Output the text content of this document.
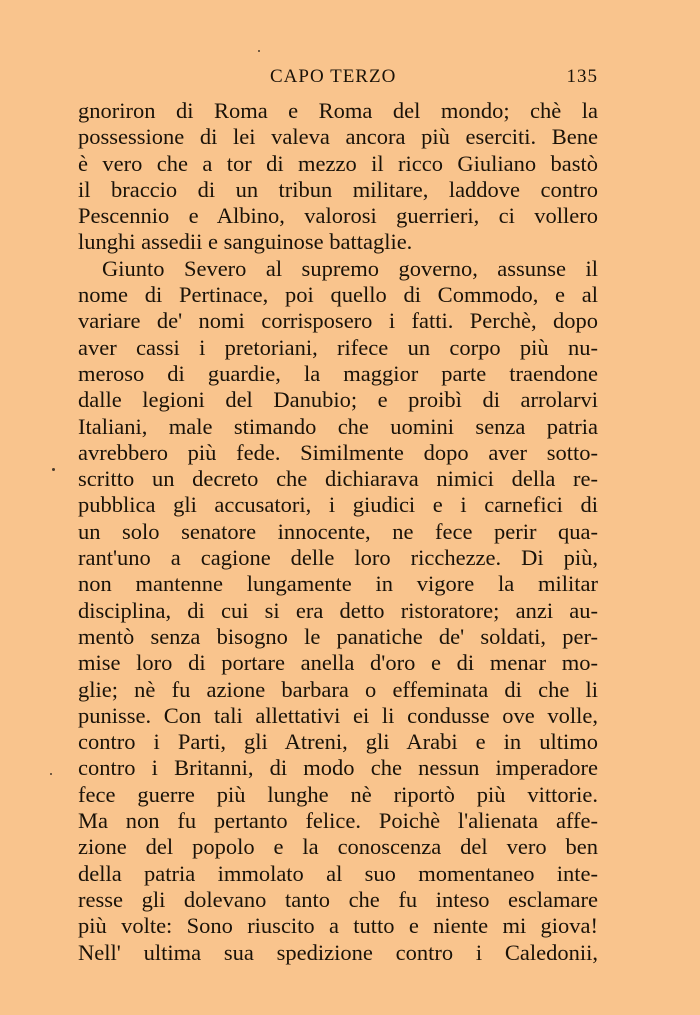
CAPO TERZO	135
gnoriron di Roma e Roma del mondo; chè la
possessione di lei valeva ancora più eserciti. Bene
è vero che a tor di mezzo il ricco Giuliano bastò
il braccio di un tribun militare, laddove contro
Pescennio e Albino, valorosi guerrieri, ci vollero
lunghi assedii e sanguinose battaglie.
Giunto Severo al supremo governo, assunse il
nome di Pertinace, poi quello di Commodo, e al
variare de' nomi corrisposero i fatti. Perchè, dopo
aver cassi i pretoriani, rifece un corpo più nu-
meroso di guardie, la maggior parte traendone
dalle legioni del Danubio; e proibì di arrolarvi
Italiani, male stimando che uomini senza patria
avrebbero più fede. Similmente dopo aver sotto-
scritto un decreto che dichiarava nimici della re-
pubblica gli accusatori, i giudici e i carnefici di
un solo senatore innocente, ne fece perir qua-
rant'uno a cagione delle loro ricchezze. Di più,
non mantenne lungamente in vigore la militar
disciplina, di cui si era detto ristoratore; anzi au-
mentò senza bisogno le panatiche de' soldati, per-
mise loro di portare anella d'oro e di menar mo-
glie; nè fu azione barbara o effeminata di che li
punisse. Con tali allettativi ei li condusse ove volle,
contro i Parti, gli Atreni, gli Arabi e in ultimo
contro i Britanni, di modo che nessun imperadore
fece guerre più lunghe nè riportò più vittorie.
Ma non fu pertanto felice. Poichè l'alienata affe-
zione del popolo e la conoscenza del vero ben
della patria immolato al suo momentaneo inte-
resse gli dolevano tanto che fu inteso esclamare
più volte: Sono riuscito a tutto e niente mi giova!
Nell' ultima sua spedizione contro i Caledonii,
